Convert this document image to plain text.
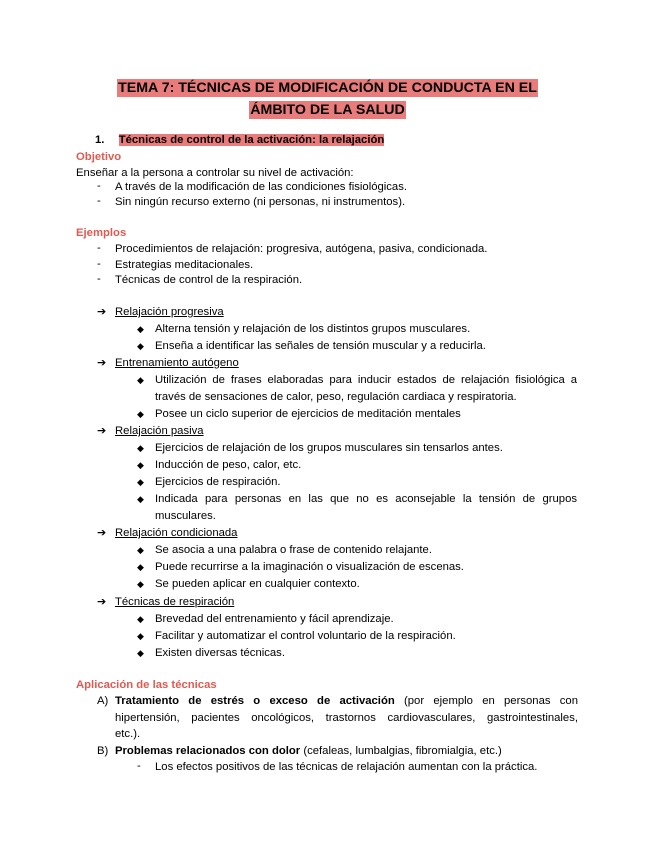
TEMA 7: TÉCNICAS DE MODIFICACIÓN DE CONDUCTA EN EL
ÁMBITO DE LA SALUD
1. Técnicas de control de la activación: la relajación
Objetivo
Enseñar a la persona a controlar su nivel de activación:
- A través de la modificación de las condiciones fisiológicas.
- Sin ningún recurso externo (ni personas, ni instrumentos).
Ejemplos
- Procedimientos de relajación: progresiva, autógena, pasiva, condicionada.
- Estrategias meditacionales.
- Técnicas de control de la respiración.
➔ Relajación progresiva
◆ Alterna tensión y relajación de los distintos grupos musculares.
◆ Enseña a identificar las señales de tensión muscular y a reducirla.
➔ Entrenamiento autógeno
◆ Utilización de frases elaboradas para inducir estados de relajación fisiológica a
través de sensaciones de calor, peso, regulación cardiaca y respiratoria.
◆ Posee un ciclo superior de ejercicios de meditación mentales
➔ Relajación pasiva
◆ Ejercicios de relajación de los grupos musculares sin tensarlos antes.
◆ Inducción de peso, calor, etc.
◆ Ejercicios de respiración.
◆ Indicada para personas en las que no es aconsejable la tensión de grupos
musculares.
➔ Relajación condicionada
◆ Se asocia a una palabra o frase de contenido relajante.
◆ Puede recurrirse a la imaginación o visualización de escenas.
◆ Se pueden aplicar en cualquier contexto.
➔ Técnicas de respiración
◆ Brevedad del entrenamiento y fácil aprendizaje.
◆ Facilitar y automatizar el control voluntario de la respiración.
◆ Existen diversas técnicas.
Aplicación de las técnicas
A) Tratamiento de estrés o exceso de activación (por ejemplo en personas con
hipertensión, pacientes oncológicos, trastornos cardiovasculares, gastrointestinales,
etc.).
B) Problemas relacionados con dolor (cefaleas, lumbalgias, fibromialgia, etc.)
- Los efectos positivos de las técnicas de relajación aumentan con la práctica.
